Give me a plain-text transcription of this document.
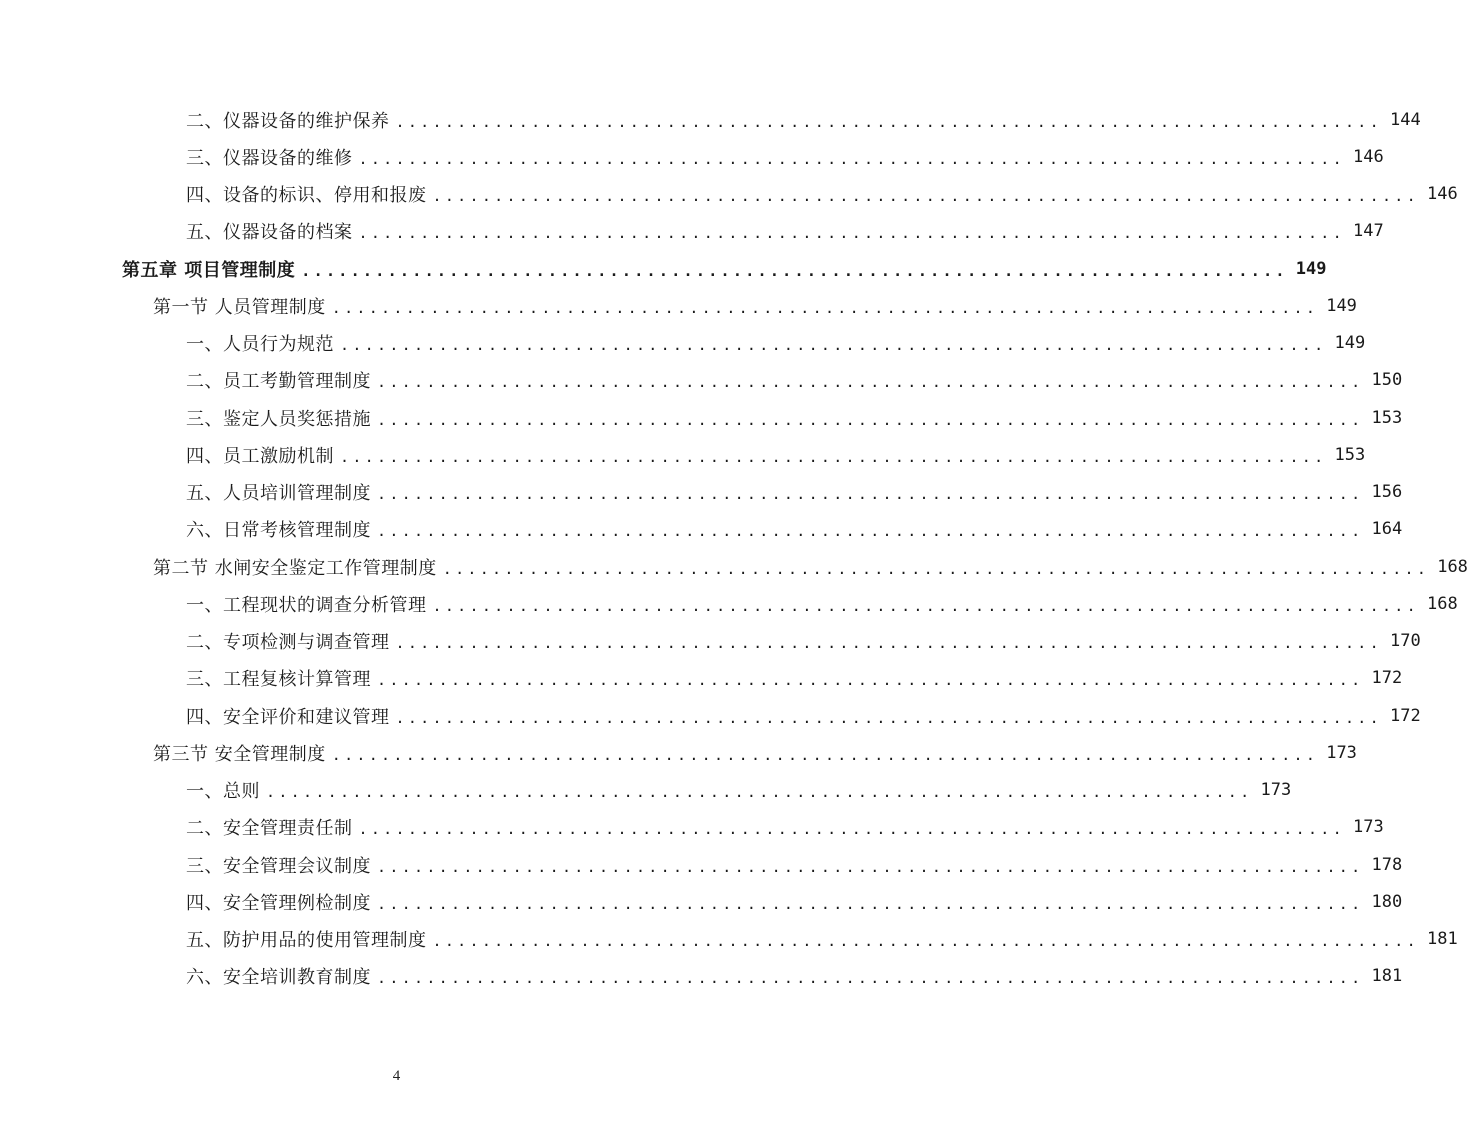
二、仪器设备的维护保养 ................................................................................ 144
三、仪器设备的维修 ................................................................................ 146
四、设备的标识、停用和报废 ................................................................................ 146
五、仪器设备的档案 ................................................................................ 147
第五章 项目管理制度 ................................................................................ 149
第一节 人员管理制度 ................................................................................ 149
一、人员行为规范 ................................................................................ 149
二、员工考勤管理制度 ................................................................................ 150
三、鉴定人员奖惩措施 ................................................................................ 153
四、员工激励机制 ................................................................................ 153
五、人员培训管理制度 ................................................................................ 156
六、日常考核管理制度 ................................................................................ 164
第二节 水闸安全鉴定工作管理制度 ................................................................................ 168
一、工程现状的调查分析管理 ................................................................................ 168
二、专项检测与调查管理 ................................................................................ 170
三、工程复核计算管理 ................................................................................ 172
四、安全评价和建议管理 ................................................................................ 172
第三节 安全管理制度 ................................................................................ 173
一、总则 ................................................................................ 173
二、安全管理责任制 ................................................................................ 173
三、安全管理会议制度 ................................................................................ 178
四、安全管理例检制度 ................................................................................ 180
五、防护用品的使用管理制度 ................................................................................ 181
六、安全培训教育制度 ................................................................................ 181
4
